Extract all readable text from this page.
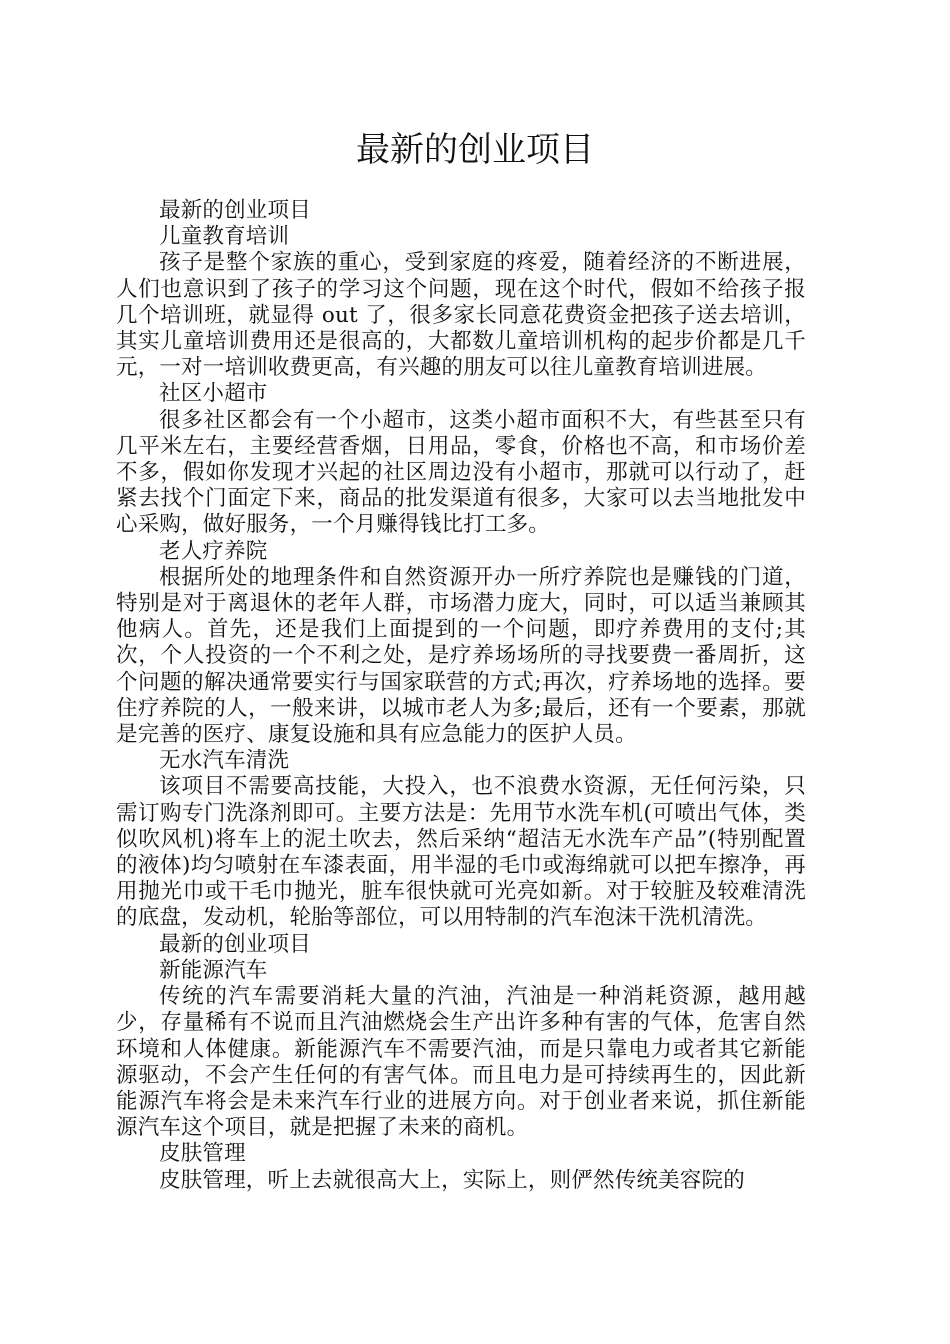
最新的创业项目

最新的创业项目

儿童教育培训

孩子是整个家族的重心，受到家庭的疼爱，随着经济的不断进展，人们也意识到了孩子的学习这个问题，现在这个时代，假如不给孩子报几个培训班，就显得 out 了，很多家长同意花费资金把孩子送去培训，其实儿童培训费用还是很高的，大都数儿童培训机构的起步价都是几千元，一对一培训收费更高，有兴趣的朋友可以往儿童教育培训进展。

社区小超市

很多社区都会有一个小超市，这类小超市面积不大，有些甚至只有几平米左右，主要经营香烟，日用品，零食，价格也不高，和市场价差不多，假如你发现才兴起的社区周边没有小超市，那就可以行动了，赶紧去找个门面定下来，商品的批发渠道有很多，大家可以去当地批发中心采购，做好服务，一个月赚得钱比打工多。

老人疗养院

根据所处的地理条件和自然资源开办一所疗养院也是赚钱的门道，特别是对于离退休的老年人群，市场潜力庞大，同时，可以适当兼顾其他病人。首先，还是我们上面提到的一个问题，即疗养费用的支付;其次，个人投资的一个不利之处，是疗养场场所的寻找要费一番周折，这个问题的解决通常要实行与国家联营的方式;再次，疗养场地的选择。要住疗养院的人，一般来讲，以城市老人为多;最后，还有一个要素，那就是完善的医疗、康复设施和具有应急能力的医护人员。

无水汽车清洗

该项目不需要高技能，大投入，也不浪费水资源，无任何污染，只需订购专门洗涤剂即可。主要方法是：先用节水洗车机(可喷出气体，类似吹风机)将车上的泥土吹去，然后采纳“超洁无水洗车产品”(特别配置的液体)均匀喷射在车漆表面，用半湿的毛巾或海绵就可以把车擦净，再用抛光巾或干毛巾抛光，脏车很快就可光亮如新。对于较脏及较难清洗的底盘，发动机，轮胎等部位，可以用特制的汽车泡沫干洗机清洗。

最新的创业项目

新能源汽车

传统的汽车需要消耗大量的汽油，汽油是一种消耗资源，越用越少，存量稀有不说而且汽油燃烧会生产出许多种有害的气体，危害自然环境和人体健康。新能源汽车不需要汽油，而是只靠电力或者其它新能源驱动，不会产生任何的有害气体。而且电力是可持续再生的，因此新能源汽车将会是未来汽车行业的进展方向。对于创业者来说，抓住新能源汽车这个项目，就是把握了未来的商机。

皮肤管理

皮肤管理，听上去就很高大上，实际上，则俨然传统美容院的
